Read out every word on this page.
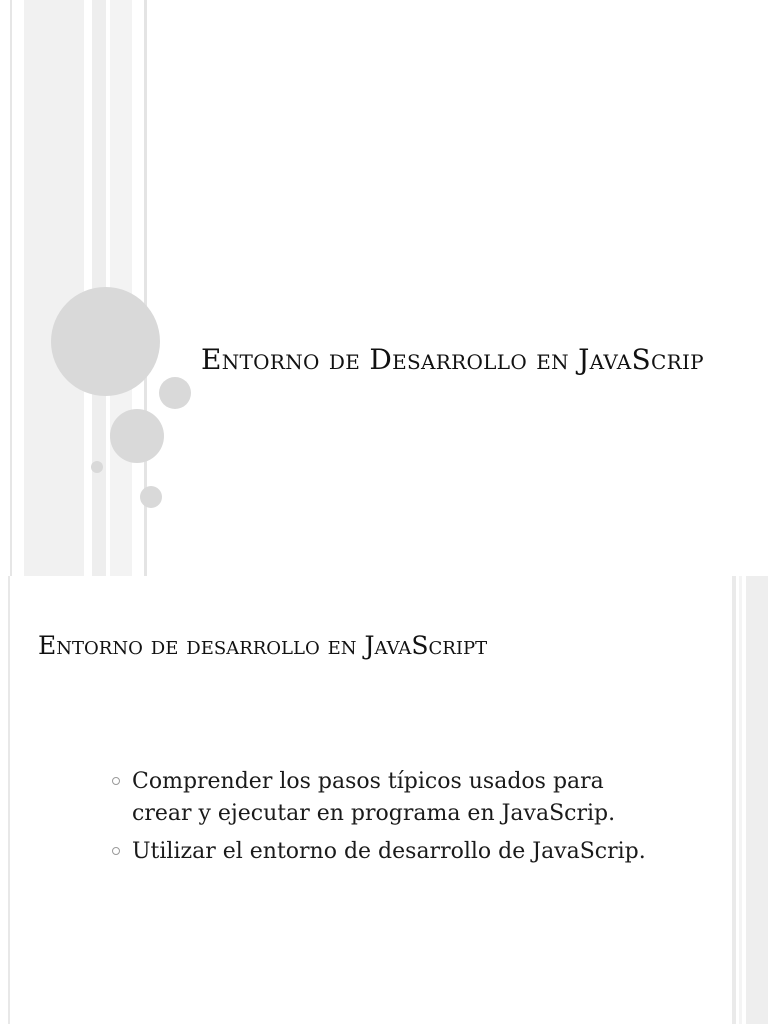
Entorno de Desarrollo en JavaScrip
Entorno de desarrollo en JavaScript
Comprender los pasos típicos usados para crear y ejecutar en programa en JavaScrip.
Utilizar el entorno de desarrollo de JavaScrip.
